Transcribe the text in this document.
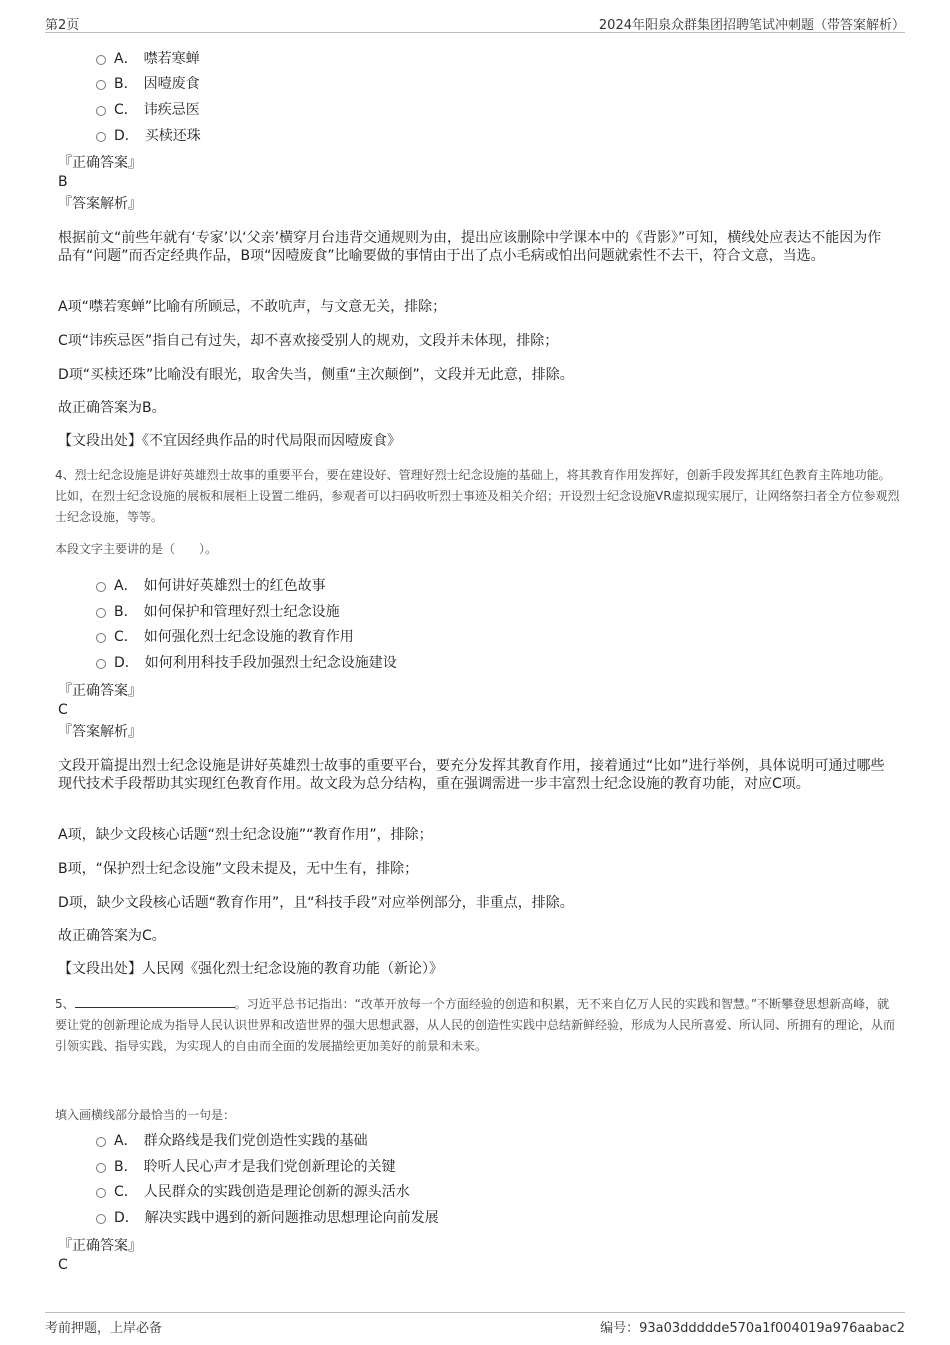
第2页	2024年阳泉众群集团招聘笔试冲刺题（带答案解析）
A． 噤若寒蝉
B． 因噎废食
C． 讳疾忌医
D． 买椟还珠
『正确答案』
B
『答案解析』
根据前文“前些年就有‘专家’以‘父亲’横穿月台违背交通规则为由，提出应该删除中学课本中的《背影》”可知，横线处应表达不能因为作品有“问题”而否定经典作品，B项“因噎废食”比喻要做的事情由于出了点小毛病或怕出问题就索性不去干，符合文意，当选。
A项“噤若寒蝉”比喻有所顾忌，不敢吭声，与文意无关，排除；
C项“讳疾忌医”指自己有过失，却不喜欢接受别人的规劝，文段并未体现，排除；
D项“买椟还珠”比喻没有眼光，取舍失当，侧重“主次颠倒”，文段并无此意，排除。
故正确答案为B。
【文段出处】《不宜因经典作品的时代局限而因噎废食》
4、烈士纪念设施是讲好英雄烈士故事的重要平台，要在建设好、管理好烈士纪念设施的基础上，将其教育作用发挥好，创新手段发挥其红色教育主阵地功能。比如，在烈士纪念设施的展板和展柜上设置二维码，参观者可以扫码收听烈士事迹及相关介绍；开设烈士纪念设施VR虚拟现实展厅，让网络祭扫者全方位参观烈士纪念设施，等等。
本段文字主要讲的是（　　）。
A． 如何讲好英雄烈士的红色故事
B． 如何保护和管理好烈士纪念设施
C． 如何强化烈士纪念设施的教育作用
D． 如何利用科技手段加强烈士纪念设施建设
『正确答案』
C
『答案解析』
文段开篇提出烈士纪念设施是讲好英雄烈士故事的重要平台，要充分发挥其教育作用，接着通过“比如”进行举例，具体说明可通过哪些现代技术手段帮助其实现红色教育作用。故文段为总分结构，重在强调需进一步丰富烈士纪念设施的教育功能，对应C项。
A项，缺少文段核心话题“烈士纪念设施”“教育作用”，排除；
B项，“保护烈士纪念设施”文段未提及，无中生有，排除；
D项，缺少文段核心话题“教育作用”，且“科技手段”对应举例部分，非重点，排除。
故正确答案为C。
【文段出处】人民网《强化烈士纪念设施的教育功能（新论）》
5、	。习近平总书记指出：“改革开放每一个方面经验的创造和积累，无不来自亿万人民的实践和智慧。”不断攀登思想新高峰，就要让党的创新理论成为指导人民认识世界和改造世界的强大思想武器，从人民的创造性实践中总结新鲜经验，形成为人民所喜爱、所认同、所拥有的理论，从而引领实践、指导实践，为实现人的自由而全面的发展描绘更加美好的前景和未来。
填入画横线部分最恰当的一句是：
A． 群众路线是我们党创造性实践的基础
B． 聆听人民心声才是我们党创新理论的关键
C． 人民群众的实践创造是理论创新的源头活水
D． 解决实践中遇到的新问题推动思想理论向前发展
『正确答案』
C
考前押题，上岸必备	编号：93a03ddddde570a1f004019a976aabac2
